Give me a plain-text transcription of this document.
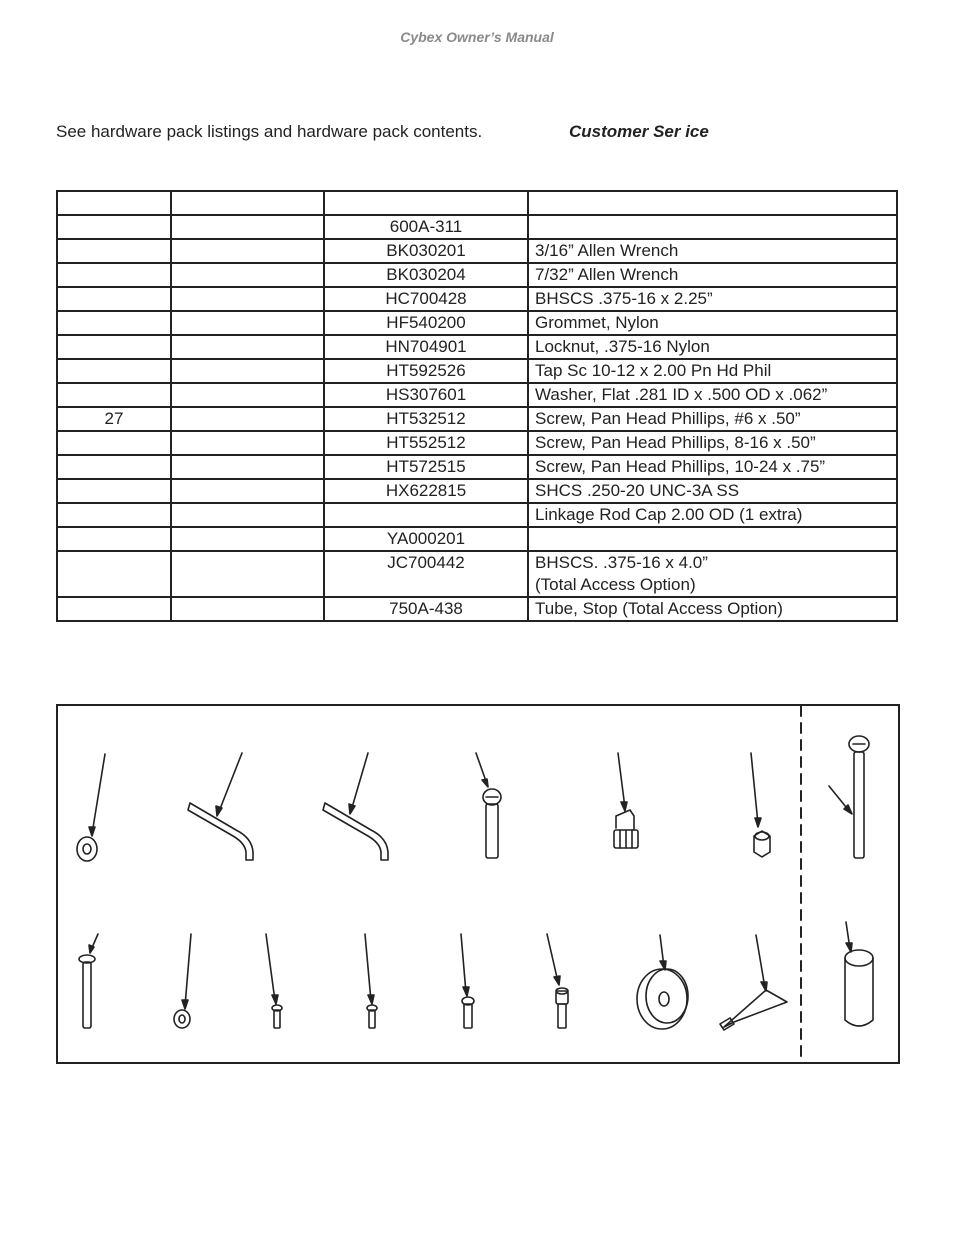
Cybex Owner’s Manual
See hardware pack listings and hardware pack contents.	Customer Ser ice

		600A-311	
		BK030201	3/16” Allen Wrench
		BK030204	7/32” Allen Wrench
		HC700428	BHSCS .375-16 x 2.25”
		HF540200	Grommet, Nylon
		HN704901	Locknut, .375-16 Nylon
		HT592526	Tap Sc 10-12 x 2.00 Pn Hd Phil
		HS307601	Washer, Flat .281 ID x .500 OD x .062”
27		HT532512	Screw, Pan Head Phillips, #6 x .50”
		HT552512	Screw, Pan Head Phillips, 8-16 x .50”
		HT572515	Screw, Pan Head Phillips, 10-24 x .75”
		HX622815	SHCS .250-20 UNC-3A SS
			Linkage Rod Cap 2.00 OD (1 extra)
		YA000201	
		JC700442	BHSCS. .375-16 x 4.0”
(Total Access Option)

		750A-438	Tube, Stop (Total Access Option)
